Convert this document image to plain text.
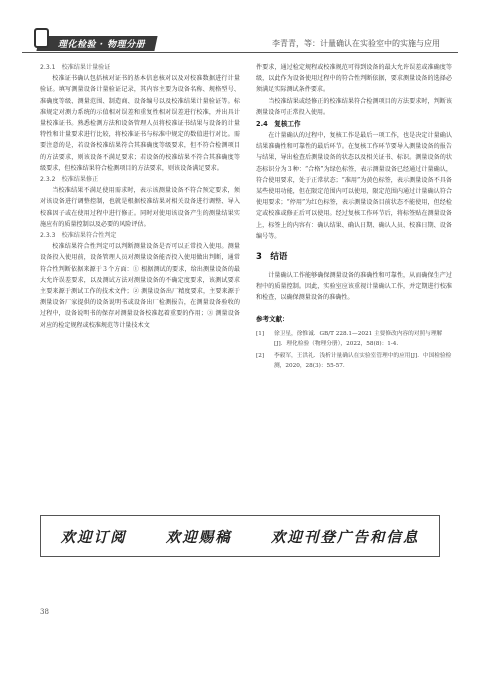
理化检验 · 物理分册	李青青，等：计量确认在实验室中的实施与应用
2.3.1　校准结果计量验证

校准证书确认包括核对证书的基本信息核对以及对校准数据进行计量验证。填写测量设备计量验证记录，其内容主要为设备名称、规格型号、准确度等级、测量范围、制造商、设备编号以及校准结果计量验证等。标准规定对测力系统的示值相对误差和重复性相对误差进行校准，并出具计量校准证书。熟悉检测方法和设备管理人员将校准证书结果与设备的计量特性和计量要求进行比较，将校准证书与标准中规定的数值进行对比。需要注意的是，若设备校准结果符合其准确度等级要求，但不符合检测项目的方法要求，则该设备不满足要求；若设备的校准结果不符合其准确度等级要求，但校准结果符合检测项目的方法要求，则该设备满足要求。

2.3.2　校准结果修正

当校准结果不满足使用需求时，表示该测量设备不符合预定要求，须对该设备进行调整控制，也就是根据校准结果对相关设备进行调整、导入校准因子或在使用过程中进行修正。同时对使用该设备产生的测量结果实施应有的质量控制以及必要的风险评估。

2.3.3　校准结果符合性判定

校准结果符合性判定可以判断测量设备是否可以正常投入使用。测量设备投入使用前，设备管理人员对测量设备能否投入使用做出判断，通常符合性判断依据来源于３个方面：① 根据测试的要求，给出测量设备的最大允许误差要求，以及测试方法对测量设备的不确定度要求，该测试要求主要来源于测试工作的技术文件；② 测量设备出厂精度要求，主要来源于测量设备厂家提供的设备说明书或设备出厂检测报告，在测量设备验收的过程中，设备说明书的保存对测量设备校准起着重要的作用；③ 测量设备对应的检定规程或校准规范等计量技术文

件要求，通过检定规程或校准规范可得到设备的最大允许误差或准确度等级，以此作为设备使用过程中的符合性判断依据，要求测量设备的选择必须满足实际测试条件要求。

当校准结果或经修正的校准结果符合检测项目的方法要求时，判断该测量设备可正常投入使用。

2.4　复核工作

在计量确认的过程中，复核工作是最后一项工作，也是决定计量确认结果准确性和可靠性的最后环节。在复核工作环节要导入测量设备的报告与结果，导出检查后测量设备的状态以及相关证书、标识。测量设备的状态标识分为３种：“合格”为绿色标签，表示测量设备已经通过计量确认，符合使用要求，处于正常状态；“准用”为黄色标签，表示测量设备不具备某些使用功能，但在限定范围内可以使用，限定范围内通过计量确认符合使用要求；“停用”为红色标签，表示测量设备目前状态不能使用，但经检定或校准或修正后可以使用。经过复核工作环节后，将标签贴在测量设备上，标签上的内容有：确认结果、确认日期、确认人员、校准日期、设备编号等。

3　结语

计量确认工作能够确保测量设备的准确性和可靠性，从而确保生产过程中的质量控制。因此，实验室应该重视计量确认工作，并定期进行校准和检查，以确保测量设备的准确性。

参考文献：
[1]	徐卫星，徐惟诚．GB/T 228.1—2021 主要修改内容的对照与理解[J]．理化检验（物理分册），2022，58(8)：1-4.
[2]	李毅军，王洪礼．浅析计量确认在实验室管理中的应用[J]．中国检验检测，2020，28(3)：55-57.
欢迎订阅	欢迎赐稿	欢迎刊登广告和信息
38
